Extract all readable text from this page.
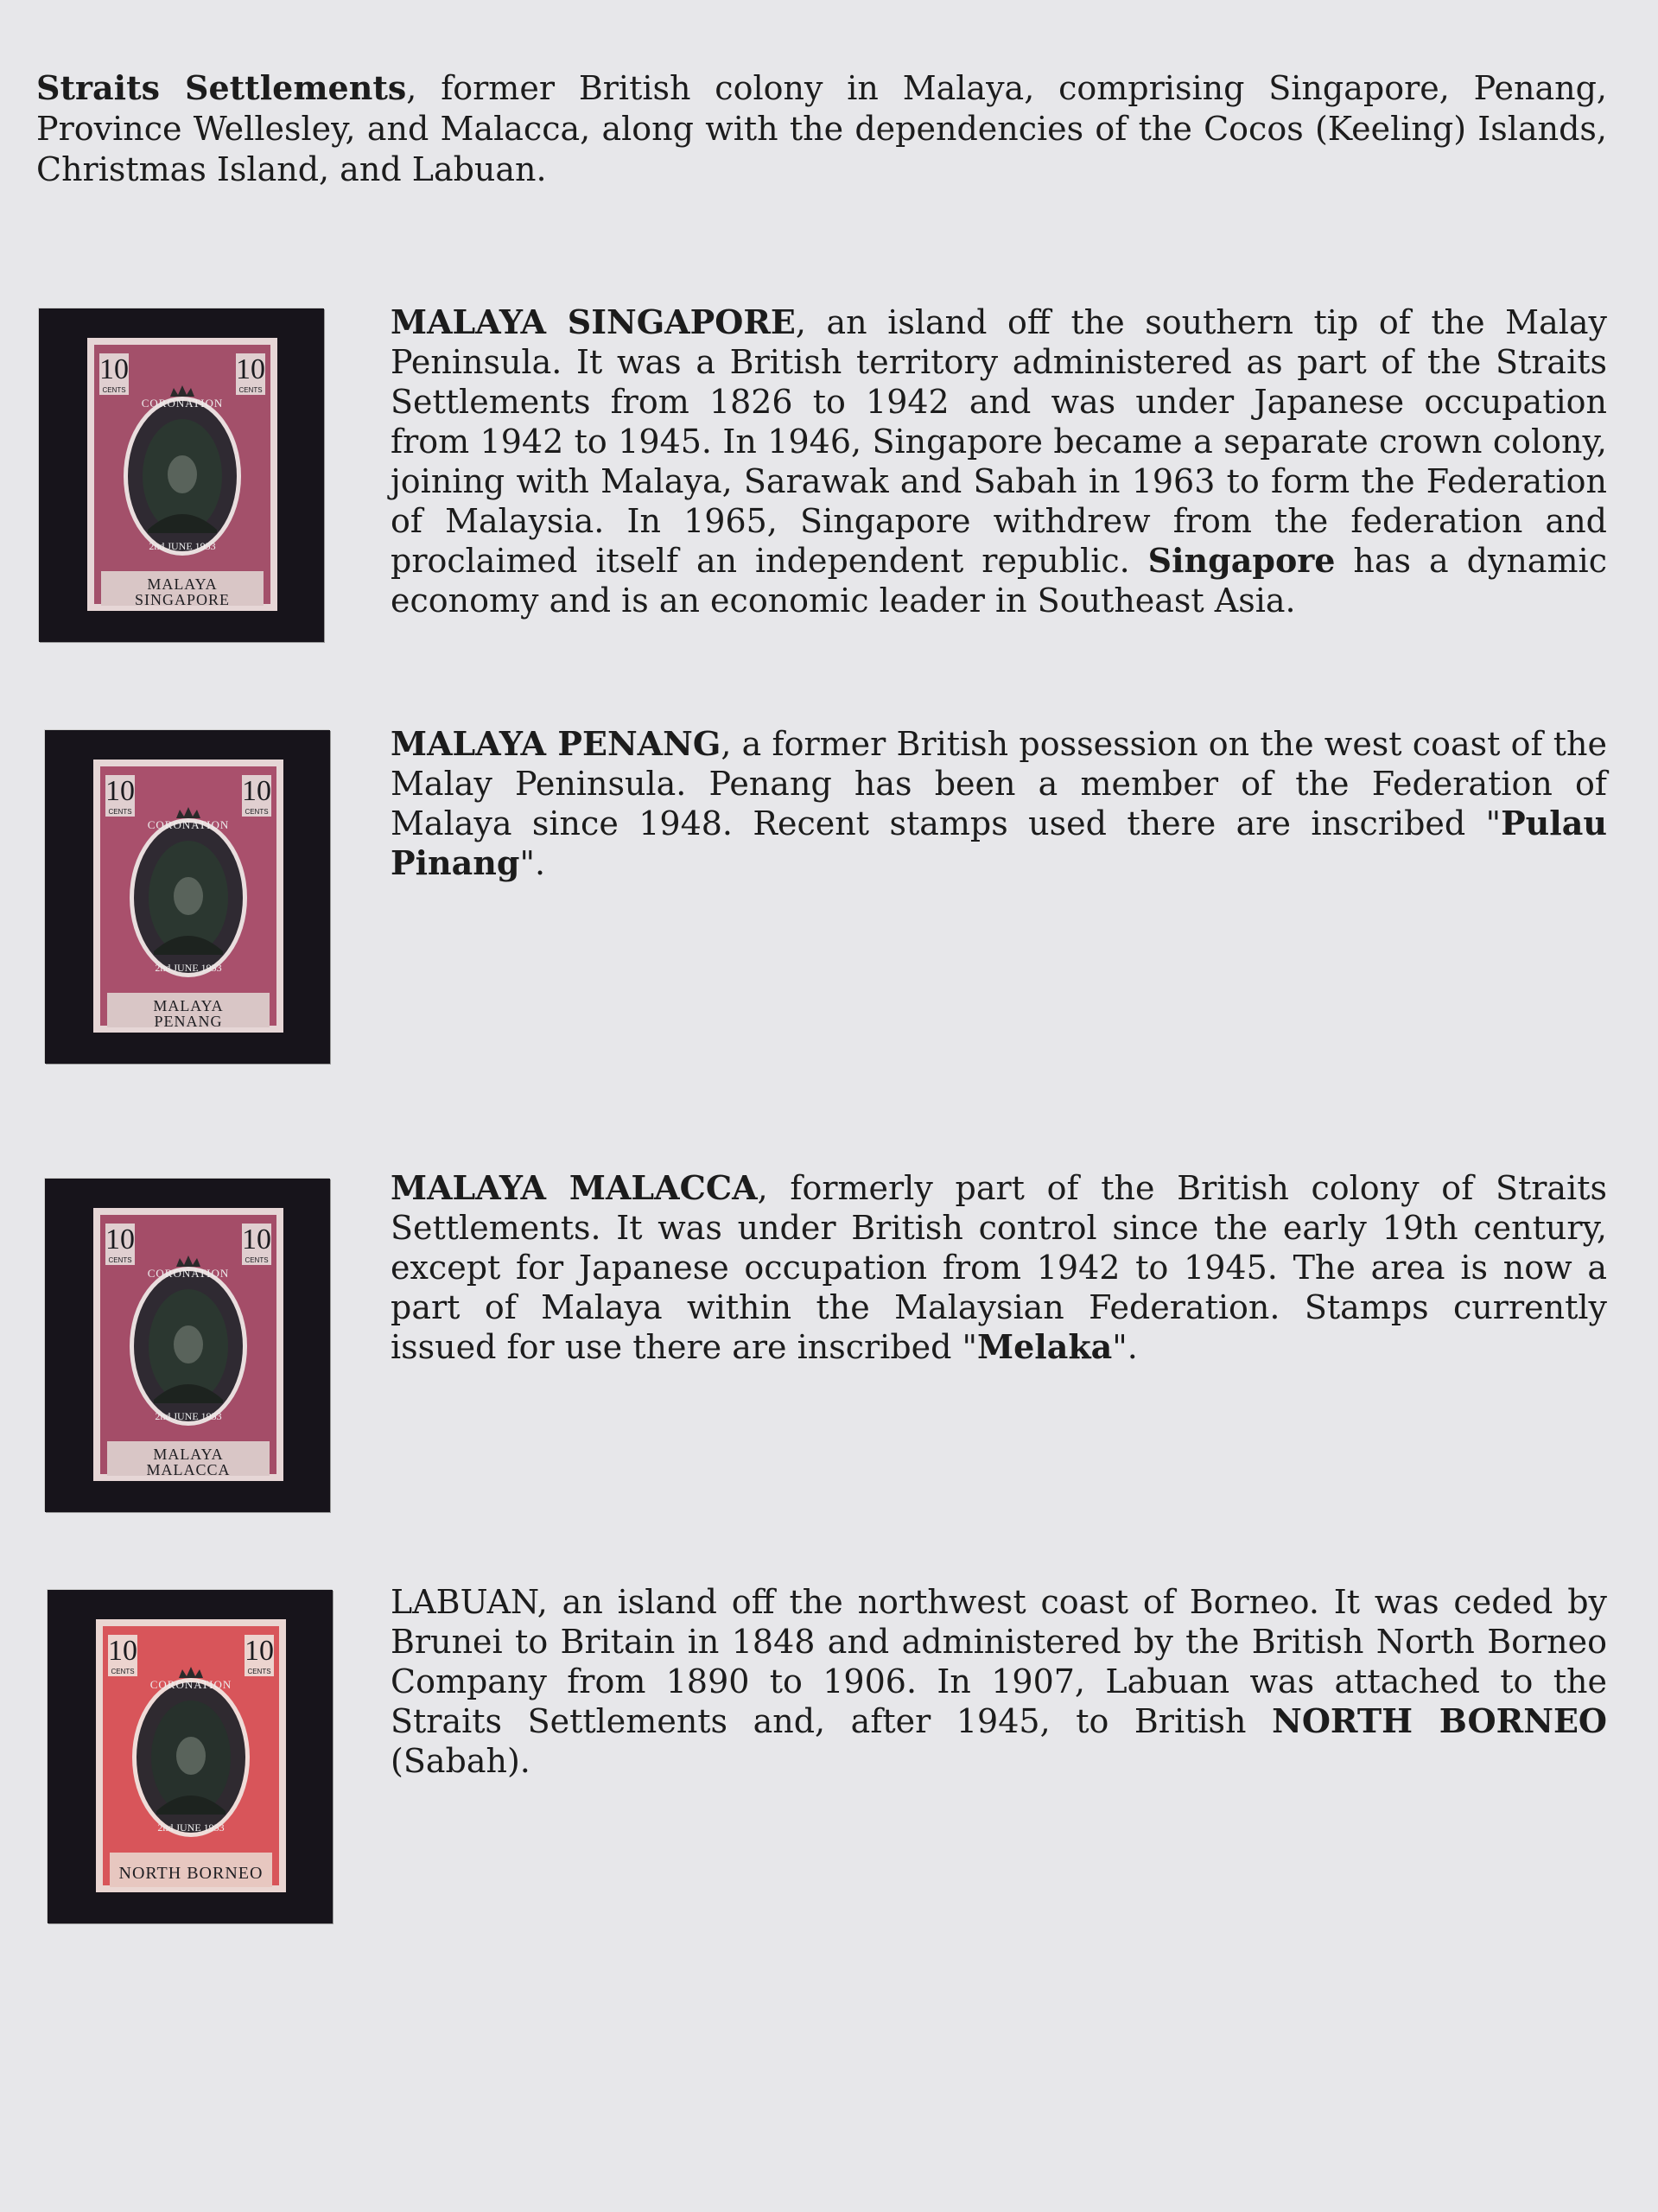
Straits Settlements, former British colony in Malaya, comprising Singapore, Penang, Province Wellesley, and Malacca, along with the dependencies of the Cocos (Keeling) Islands, Christmas Island, and Labuan.

10	10
CENTS	CENTS
CORONATION
2nd JUNE 1953
MALAYA
SINGAPORE

MALAYA SINGAPORE, an island off the southern tip of the Malay Peninsula. It was a British territory administered as part of the Straits Settlements from 1826 to 1942 and was under Japanese occupation from 1942 to 1945. In 1946, Singapore became a separate crown colony, joining with Malaya, Sarawak and Sabah in 1963 to form the Federation of Malaysia. In 1965, Singapore withdrew from the federation and proclaimed itself an independent republic. Singapore has a dynamic economy and is an economic leader in Southeast Asia.

10	10
CENTS	CENTS
CORONATION
2nd JUNE 1953
MALAYA
PENANG

MALAYA PENANG, a former British possession on the west coast of the Malay Peninsula. Penang has been a member of the Federation of Malaya since 1948. Recent stamps used there are inscribed "Pulau Pinang".

10	10
CENTS	CENTS
CORONATION
2nd JUNE 1953
MALAYA
MALACCA

MALAYA MALACCA, formerly part of the British colony of Straits Settlements. It was under British control since the early 19th century, except for Japanese occupation from 1942 to 1945. The area is now a part of Malaya within the Malaysian Federation. Stamps currently issued for use there are inscribed "Melaka".

10	10
CENTS	CENTS
CORONATION
2nd JUNE 1953
NORTH BORNEO

LABUAN, an island off the northwest coast of Borneo. It was ceded by Brunei to Britain in 1848 and administered by the British North Borneo Company from 1890 to 1906. In 1907, Labuan was attached to the Straits Settlements and, after 1945, to British NORTH BORNEO (Sabah).
